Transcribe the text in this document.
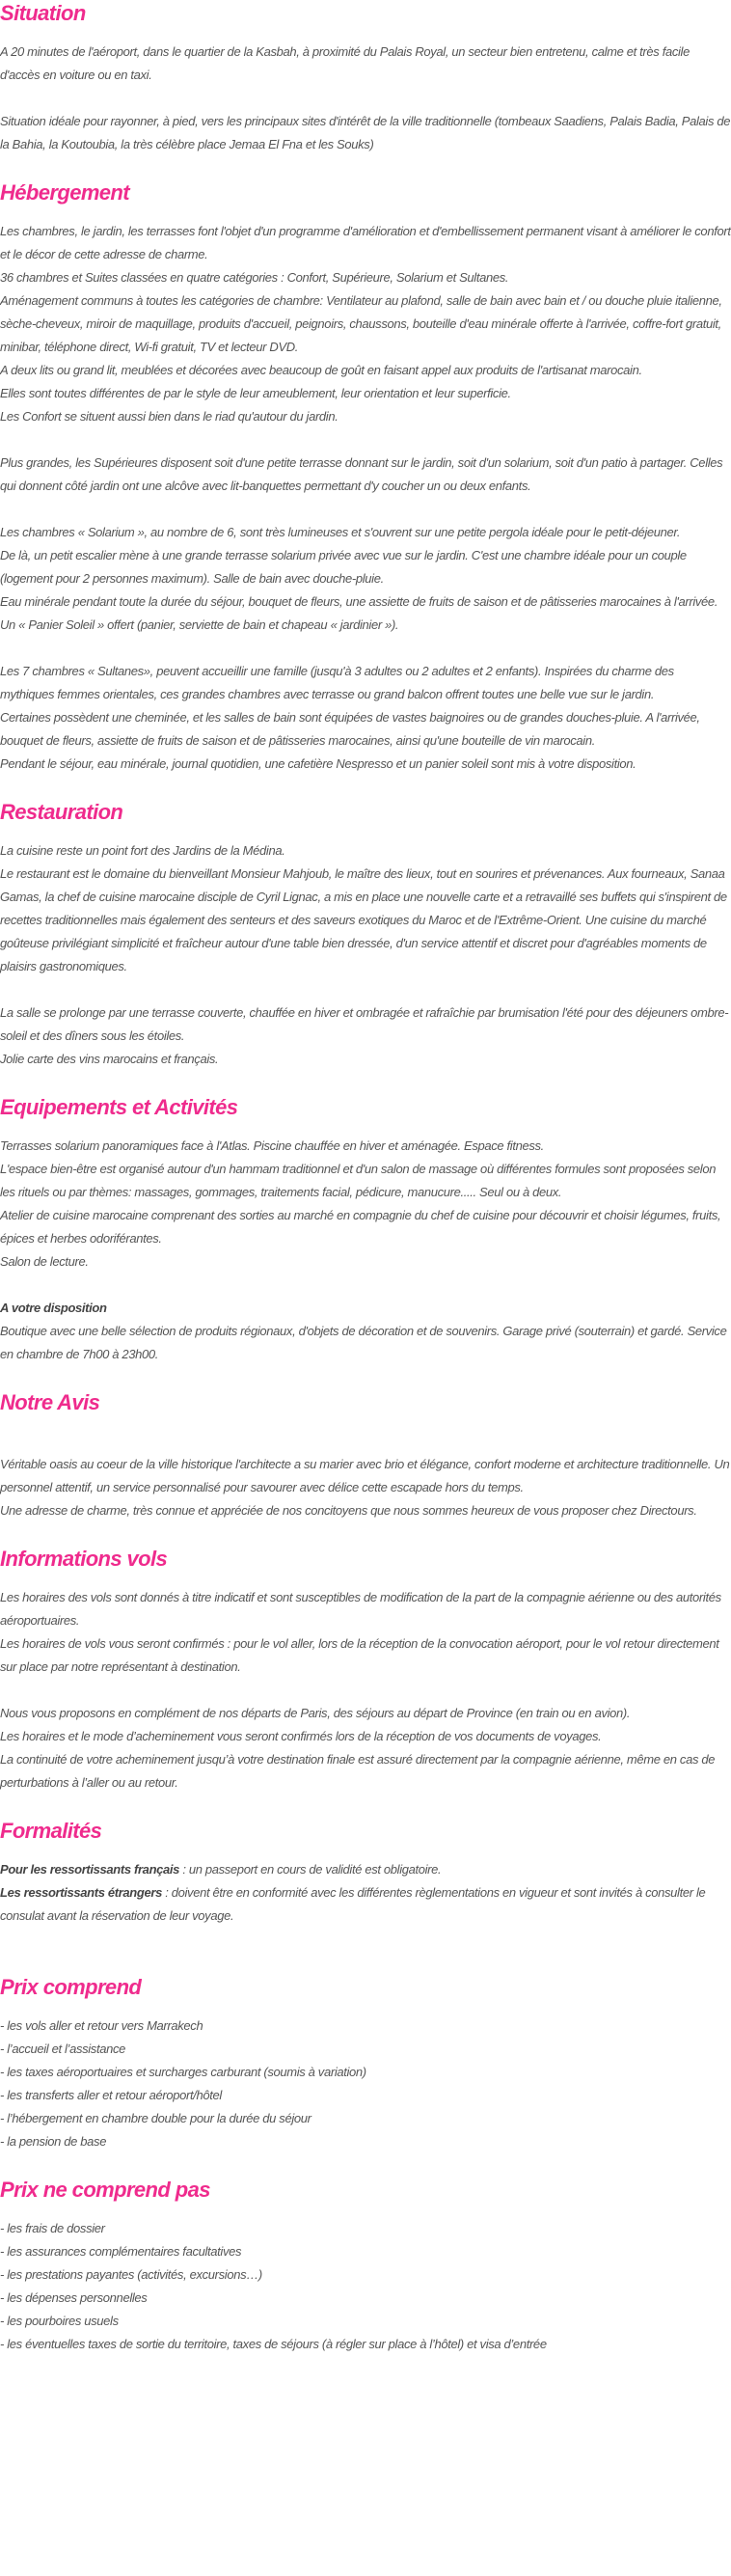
Situation

A 20 minutes de l'aéroport, dans le quartier de la Kasbah, à proximité du Palais Royal, un secteur bien entretenu, calme et très facile d'accès en voiture ou en taxi.

Situation idéale pour rayonner, à pied, vers les principaux sites d'intérêt de la ville traditionnelle (tombeaux Saadiens, Palais Badia, Palais de la Bahia, la Koutoubia, la très célèbre place Jemaa El Fna et les Souks)

Hébergement

Les chambres, le jardin, les terrasses font l'objet d'un programme d'amélioration et d'embellissement permanent visant à améliorer le confort et le décor de cette adresse de charme.
36 chambres et Suites classées en quatre catégories : Confort, Supérieure, Solarium et Sultanes.
Aménagement communs à toutes les catégories de chambre: Ventilateur au plafond, salle de bain avec bain et / ou douche pluie italienne, sèche-cheveux, miroir de maquillage, produits d'accueil, peignoirs, chaussons, bouteille d'eau minérale offerte à l'arrivée, coffre-fort gratuit, minibar, téléphone direct, Wi-fi gratuit, TV et lecteur DVD.
A deux lits ou grand lit, meublées et décorées avec beaucoup de goût en faisant appel aux produits de l'artisanat marocain.
Elles sont toutes différentes de par le style de leur ameublement, leur orientation et leur superficie.
Les Confort se situent aussi bien dans le riad qu'autour du jardin.

Plus grandes, les Supérieures disposent soit d'une petite terrasse donnant sur le jardin, soit d'un solarium, soit d'un patio à partager. Celles qui donnent côté jardin ont une alcôve avec lit-banquettes permettant d'y coucher un ou deux enfants.

Les chambres « Solarium », au nombre de 6, sont très lumineuses et s'ouvrent sur une petite pergola idéale pour le petit-déjeuner.
De là, un petit escalier mène à une grande terrasse solarium privée avec vue sur le jardin. C'est une chambre idéale pour un couple (logement pour 2 personnes maximum). Salle de bain avec douche-pluie.
Eau minérale pendant toute la durée du séjour, bouquet de fleurs, une assiette de fruits de saison et de pâtisseries marocaines à l'arrivée. Un « Panier Soleil » offert (panier, serviette de bain et chapeau « jardinier »).

Les 7 chambres « Sultanes», peuvent accueillir une famille (jusqu'à 3 adultes ou 2 adultes et 2 enfants). Inspirées du charme des mythiques femmes orientales, ces grandes chambres avec terrasse ou grand balcon offrent toutes une belle vue sur le jardin.
Certaines possèdent une cheminée, et les salles de bain sont équipées de vastes baignoires ou de grandes douches-pluie. A l'arrivée, bouquet de fleurs, assiette de fruits de saison et de pâtisseries marocaines, ainsi qu'une bouteille de vin marocain.
Pendant le séjour, eau minérale, journal quotidien, une cafetière Nespresso et un panier soleil sont mis à votre disposition.

Restauration

La cuisine reste un point fort des Jardins de la Médina.
Le restaurant est le domaine du bienveillant Monsieur Mahjoub, le maître des lieux, tout en sourires et prévenances. Aux fourneaux, Sanaa Gamas, la chef de cuisine marocaine disciple de Cyril Lignac, a mis en place une nouvelle carte et a retravaillé ses buffets qui s'inspirent de recettes traditionnelles mais également des senteurs et des saveurs exotiques du Maroc et de l'Extrême-Orient. Une cuisine du marché goûteuse privilégiant simplicité et fraîcheur autour d'une table bien dressée, d'un service attentif et discret pour d'agréables moments de plaisirs gastronomiques.

La salle se prolonge par une terrasse couverte, chauffée en hiver et ombragée et rafraîchie par brumisation l'été pour des déjeuners ombre-soleil et des dîners sous les étoiles.
Jolie carte des vins marocains et français.

Equipements et Activités

Terrasses solarium panoramiques face à l'Atlas. Piscine chauffée en hiver et aménagée. Espace fitness.
L'espace bien-être est organisé autour d'un hammam traditionnel et d'un salon de massage où différentes formules sont proposées selon les rituels ou par thèmes: massages, gommages, traitements facial, pédicure, manucure..... Seul ou à deux.
Atelier de cuisine marocaine comprenant des sorties au marché en compagnie du chef de cuisine pour découvrir et choisir légumes, fruits, épices et herbes odoriférantes.
Salon de lecture.

A votre disposition
Boutique avec une belle sélection de produits régionaux, d'objets de décoration et de souvenirs. Garage privé (souterrain) et gardé. Service en chambre de 7h00 à 23h00.

Notre Avis

Véritable oasis au coeur de la ville historique l'architecte a su marier avec brio et élégance, confort moderne et architecture traditionnelle. Un personnel attentif, un service personnalisé pour savourer avec délice cette escapade hors du temps.
Une adresse de charme, très connue et appréciée de nos concitoyens que nous sommes heureux de vous proposer chez Directours.

Informations vols

Les horaires des vols sont donnés à titre indicatif et sont susceptibles de modification de la part de la compagnie aérienne ou des autorités aéroportuaires.
Les horaires de vols vous seront confirmés : pour le vol aller, lors de la réception de la convocation aéroport, pour le vol retour directement sur place par notre représentant à destination.

Nous vous proposons en complément de nos départs de Paris, des séjours au départ de Province (en train ou en avion).
Les horaires et le mode d’acheminement vous seront confirmés lors de la réception de vos documents de voyages.
La continuité de votre acheminement jusqu’à votre destination finale est assuré directement par la compagnie aérienne, même en cas de perturbations à l’aller ou au retour.

Formalités

Pour les ressortissants français : un passeport en cours de validité est obligatoire.
Les ressortissants étrangers : doivent être en conformité avec les différentes règlementations en vigueur et sont invités à consulter le consulat avant la réservation de leur voyage.

Prix comprend

- les vols aller et retour vers Marrakech
- l’accueil et l’assistance
- les taxes aéroportuaires et surcharges carburant (soumis à variation)
- les transferts aller et retour aéroport/hôtel
- l’hébergement en chambre double pour la durée du séjour
- la pension de base

Prix ne comprend pas

- les frais de dossier
- les assurances complémentaires facultatives
- les prestations payantes (activités, excursions…)
- les dépenses personnelles
- les pourboires usuels
- les éventuelles taxes de sortie du territoire, taxes de séjours (à régler sur place à l’hôtel) et visa d’entrée
